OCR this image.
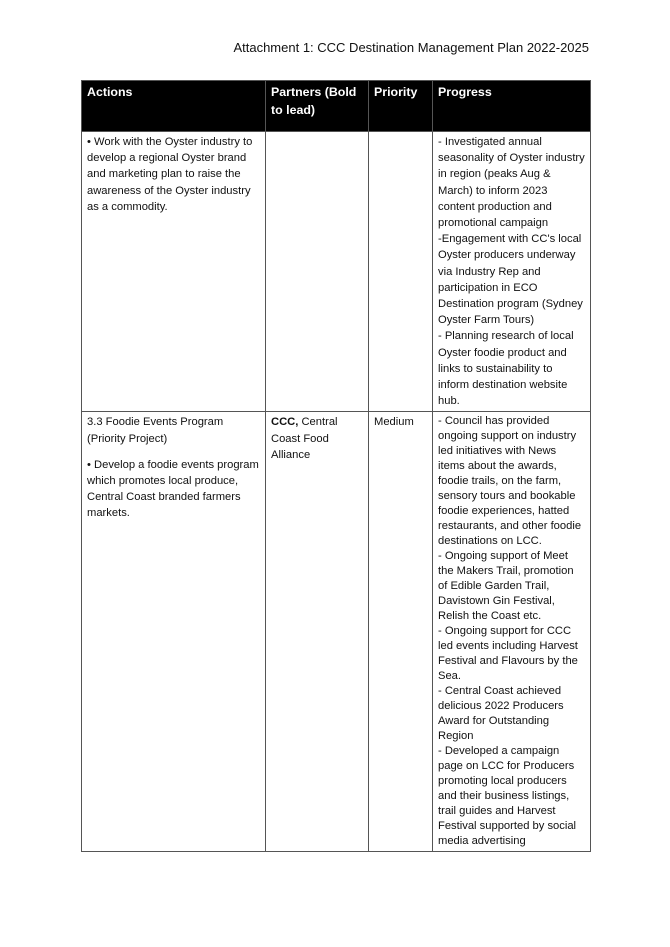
Attachment 1: CCC Destination Management Plan 2022-2025
Actions	Partners (Bold to lead)	Priority	Progress

• Work with the Oyster industry to develop a regional Oyster brand and marketing plan to raise the awareness of the Oyster industry as a commodity.			- Investigated annual seasonality of Oyster industry in region (peaks Aug & March) to inform 2023 content production and promotional campaign
-Engagement with CC's local Oyster producers underway via Industry Rep and participation in ECO Destination program (Sydney Oyster Farm Tours)
- Planning research of local Oyster foodie product and links to sustainability to inform destination website hub.

3.3 Foodie Events Program (Priority Project)
• Develop a foodie events program which promotes local produce, Central Coast branded farmers markets.	CCC, Central Coast Food Alliance	Medium	- Council has provided ongoing support on industry led initiatives with News items about the awards, foodie trails, on the farm, sensory tours and bookable foodie experiences, hatted restaurants, and other foodie destinations on LCC.
- Ongoing support of Meet the Makers Trail, promotion of Edible Garden Trail, Davistown Gin Festival, Relish the Coast etc.
- Ongoing support for CCC led events including Harvest Festival and Flavours by the Sea.
- Central Coast achieved delicious 2022 Producers Award for Outstanding Region
- Developed a campaign page on LCC for Producers promoting local producers and their business listings, trail guides and Harvest Festival supported by social media advertising
